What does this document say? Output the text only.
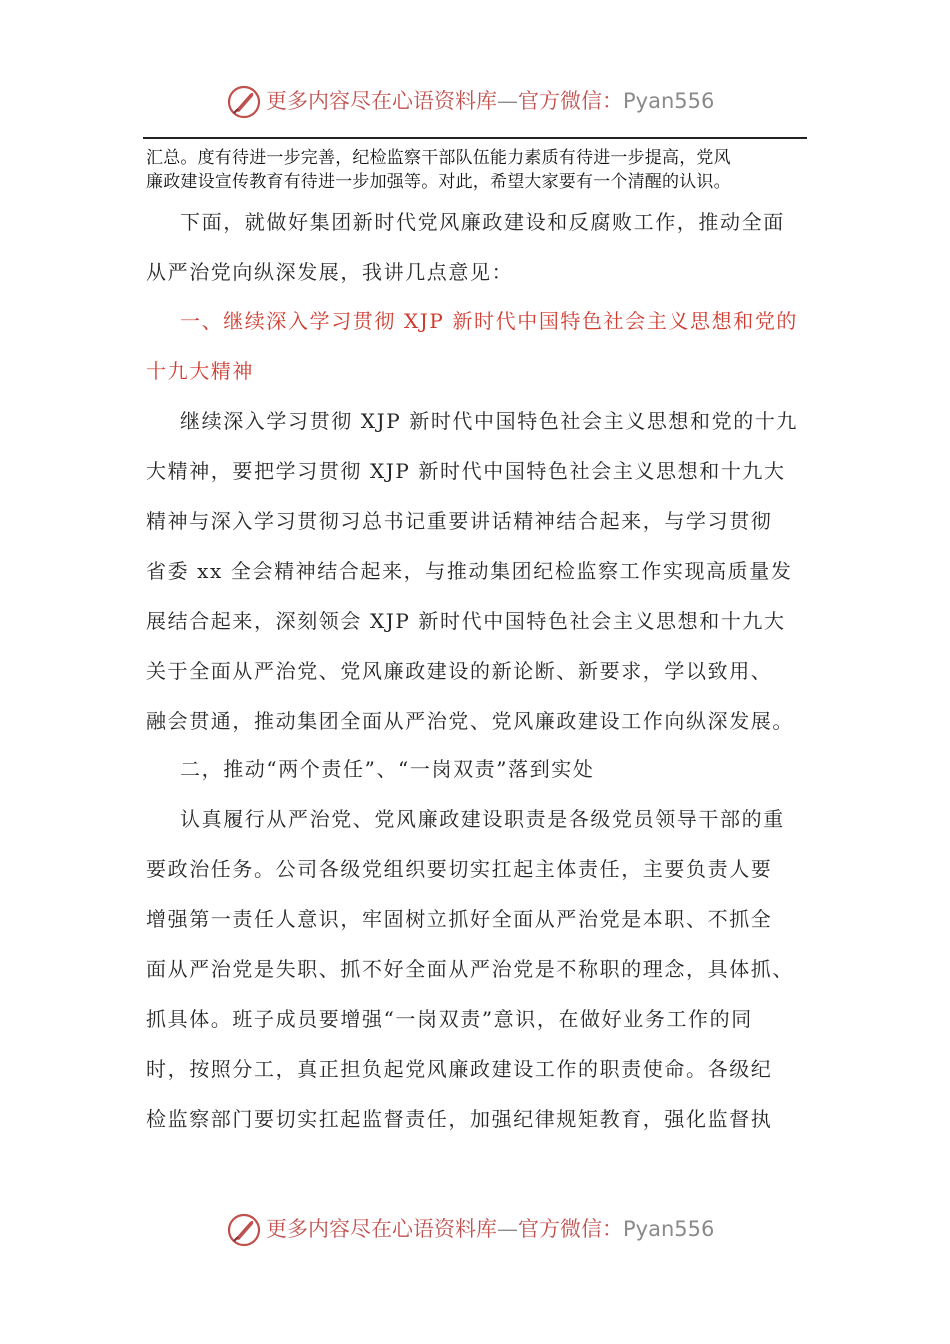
更多内容尽在心语资料库—官方微信：Pyan556
汇总。度有待进一步完善，纪检监察干部队伍能力素质有待进一步提高，党风
廉政建设宣传教育有待进一步加强等。对此，希望大家要有一个清醒的认识。
下面，就做好集团新时代党风廉政建设和反腐败工作，推动全面
从严治党向纵深发展，我讲几点意见：
一、继续深入学习贯彻 XJP 新时代中国特色社会主义思想和党的
十九大精神
继续深入学习贯彻 XJP 新时代中国特色社会主义思想和党的十九
大精神，要把学习贯彻 XJP 新时代中国特色社会主义思想和十九大
精神与深入学习贯彻习总书记重要讲话精神结合起来，与学习贯彻
省委 xx 全会精神结合起来，与推动集团纪检监察工作实现高质量发
展结合起来，深刻领会 XJP 新时代中国特色社会主义思想和十九大
关于全面从严治党、党风廉政建设的新论断、新要求，学以致用、
融会贯通，推动集团全面从严治党、党风廉政建设工作向纵深发展。
二，推动“两个责任”、“一岗双责”落到实处
认真履行从严治党、党风廉政建设职责是各级党员领导干部的重
要政治任务。公司各级党组织要切实扛起主体责任，主要负责人要
增强第一责任人意识，牢固树立抓好全面从严治党是本职、不抓全
面从严治党是失职、抓不好全面从严治党是不称职的理念，具体抓、
抓具体。班子成员要增强“一岗双责”意识，在做好业务工作的同
时，按照分工，真正担负起党风廉政建设工作的职责使命。各级纪
检监察部门要切实扛起监督责任，加强纪律规矩教育，强化监督执
更多内容尽在心语资料库—官方微信：Pyan556
